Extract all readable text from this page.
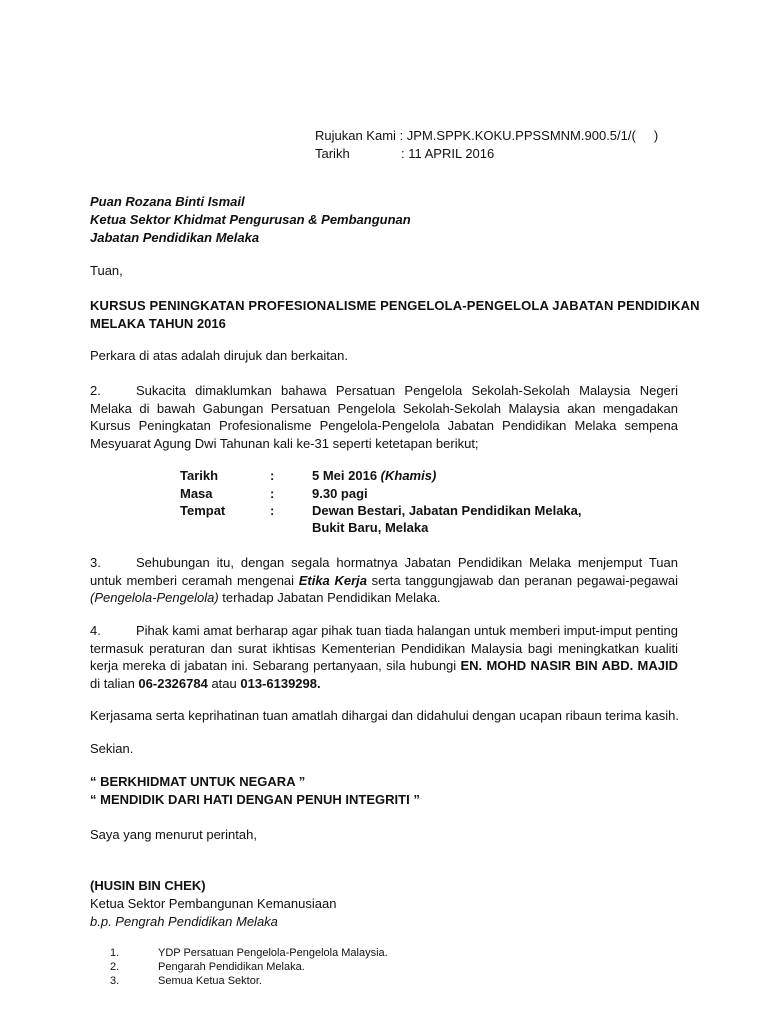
Rujukan Kami : JPM.SPPK.KOKU.PPSSMNM.900.5/1/(     )
Tarikh	: 11 APRIL 2016
Puan Rozana Binti Ismail
Ketua Sektor Khidmat Pengurusan & Pembangunan
Jabatan Pendidikan Melaka
Tuan,
KURSUS PENINGKATAN PROFESIONALISME PENGELOLA-PENGELOLA JABATAN PENDIDIKAN
MELAKA TAHUN 2016
Perkara di atas adalah dirujuk dan berkaitan.
2.	Sukacita dimaklumkan bahawa Persatuan Pengelola Sekolah-Sekolah Malaysia Negeri Melaka di bawah Gabungan Persatuan Pengelola Sekolah-Sekolah Malaysia akan mengadakan Kursus Peningkatan Profesionalisme Pengelola-Pengelola Jabatan Pendidikan Melaka sempena Mesyuarat Agung Dwi Tahunan kali ke-31 seperti ketetapan berikut;
Tarikh	:	5 Mei 2016 (Khamis)
Masa	:	9.30 pagi
Tempat	:	Dewan Bestari, Jabatan Pendidikan Melaka,
Bukit Baru, Melaka
3.	Sehubungan itu, dengan segala hormatnya Jabatan Pendidikan Melaka menjemput Tuan untuk memberi ceramah mengenai Etika Kerja serta tanggungjawab dan peranan pegawai-pegawai (Pengelola-Pengelola) terhadap Jabatan Pendidikan Melaka.
4.	Pihak kami amat berharap agar pihak tuan tiada halangan untuk memberi imput-imput penting termasuk peraturan dan surat ikhtisas Kementerian Pendidikan Malaysia bagi meningkatkan kualiti kerja mereka di jabatan ini. Sebarang pertanyaan, sila hubungi EN. MOHD NASIR BIN ABD. MAJID di talian 06-2326784 atau 013-6139298.
Kerjasama serta keprihatinan tuan amatlah dihargai dan didahului dengan ucapan ribaun terima kasih.
Sekian.
“ BERKHIDMAT UNTUK NEGARA ”
“ MENDIDIK DARI HATI DENGAN PENUH INTEGRITI ”
Saya yang menurut perintah,
(HUSIN BIN CHEK)
Ketua Sektor Pembangunan Kemanusiaan
b.p. Pengrah Pendidikan Melaka
1.	YDP Persatuan Pengelola-Pengelola Malaysia.
2.	Pengarah Pendidikan Melaka.
3.	Semua Ketua Sektor.
